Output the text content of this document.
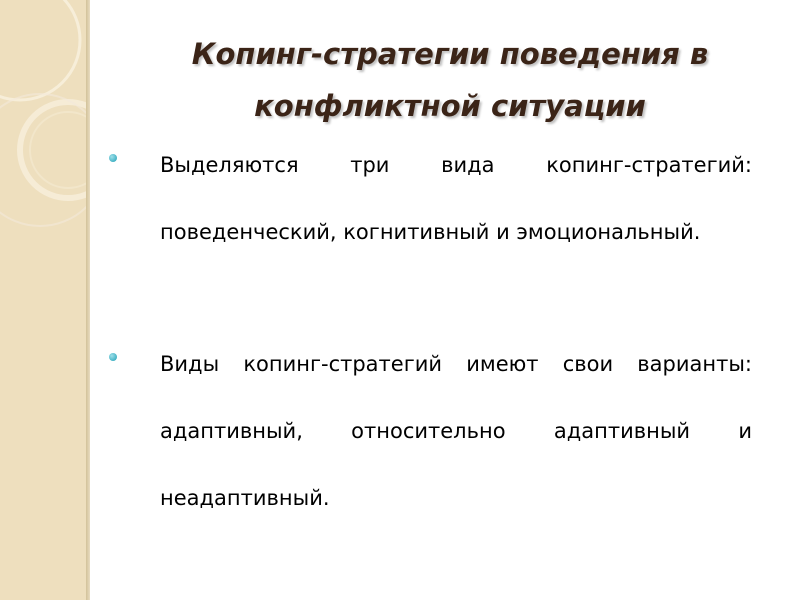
Копинг-стратегии поведения в конфликтной ситуации

Выделяются три вида копинг-стратегий: поведенческий, когнитивный и эмоциональный.

Виды копинг-стратегий имеют свои варианты: адаптивный, относительно адаптивный и неадаптивный.
